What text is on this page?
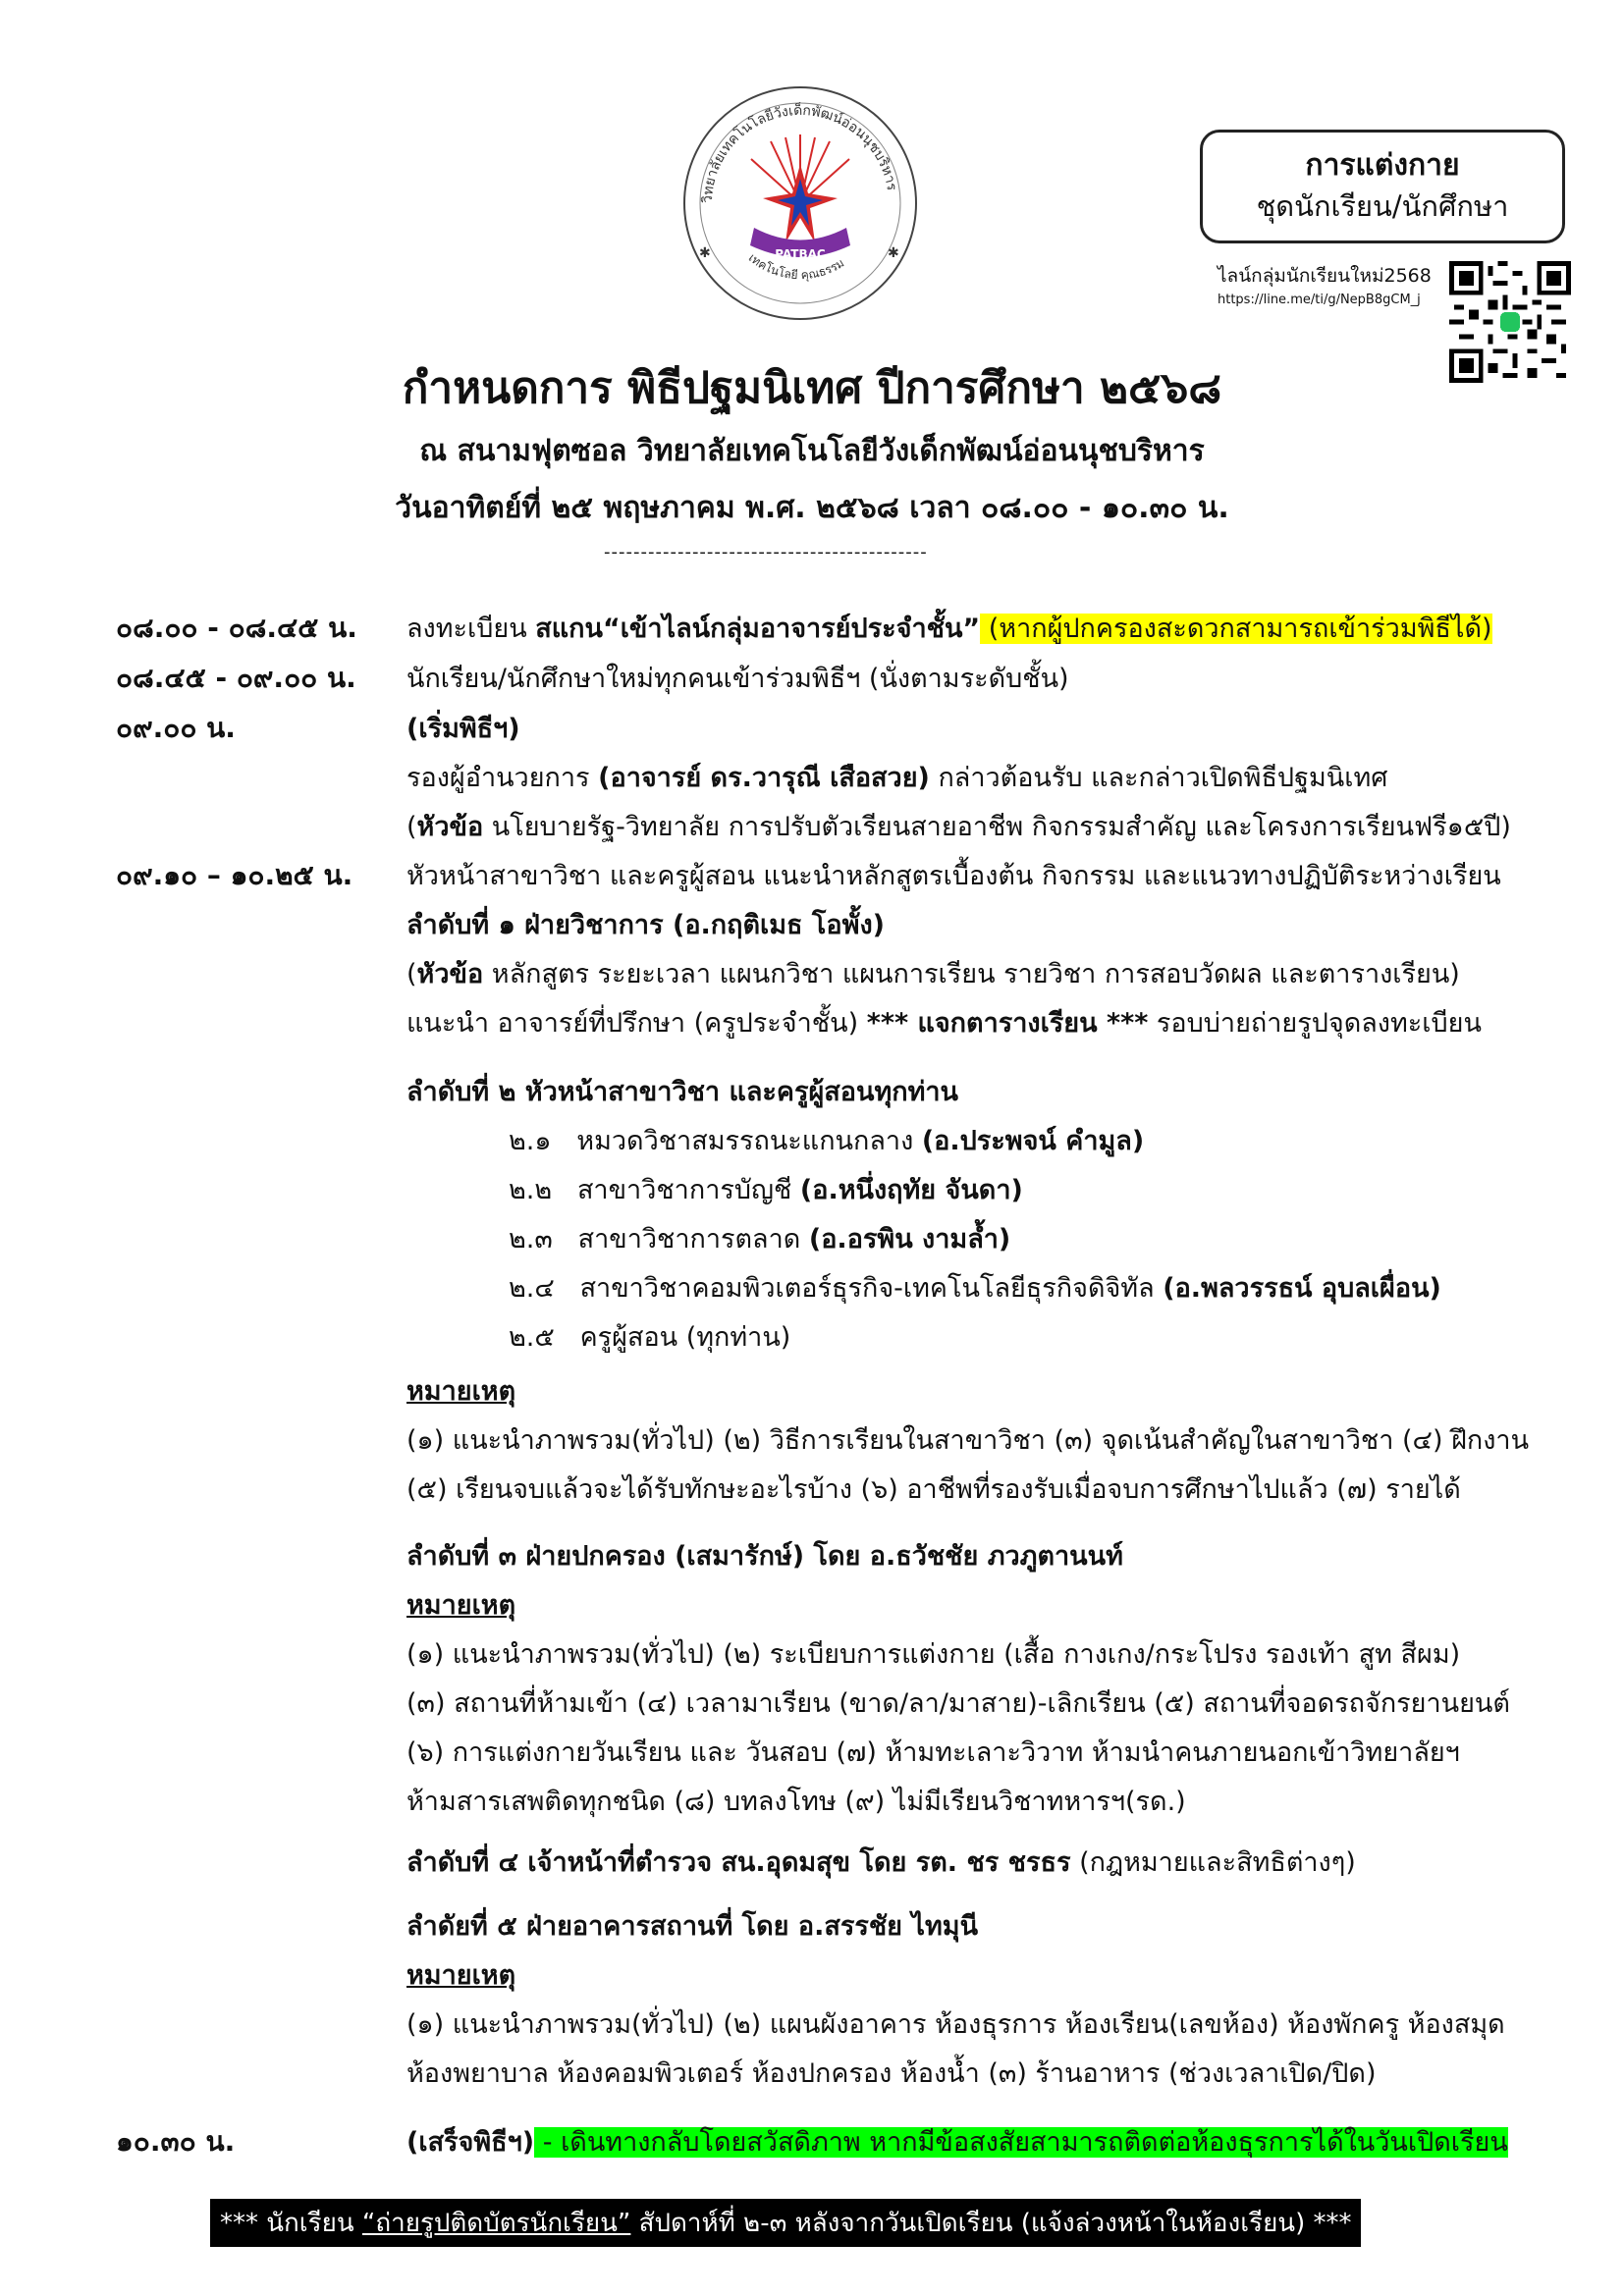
วิทยาลัยเทคโนโลยีวังเด็กพัฒน์อ่อนนุชบริหาร
เทคโนโลยี คุณธรรม
PATBAC
✱	✱
การแต่งกาย
ชุดนักเรียน/นักศึกษา
ไลน์กลุ่มนักเรียนใหม่2568
https://line.me/ti/g/NepB8gCM_j
กำหนดการ พิธีปฐมนิเทศ ปีการศึกษา ๒๕๖๘
ณ สนามฟุตซอล วิทยาลัยเทคโนโลยีวังเด็กพัฒน์อ่อนนุชบริหาร
วันอาทิตย์ที่ ๒๕ พฤษภาคม พ.ศ. ๒๕๖๘ เวลา ๐๘.๐๐ - ๑๐.๓๐ น.
--------------------------------------------
๐๘.๐๐ - ๐๘.๔๕ น. ลงทะเบียน สแกน“เข้าไลน์กลุ่มอาจารย์ประจำชั้น” (หากผู้ปกครองสะดวกสามารถเข้าร่วมพิธีได้)
๐๘.๔๕ - ๐๙.๐๐ น. นักเรียน/นักศึกษาใหม่ทุกคนเข้าร่วมพิธีฯ (นั่งตามระดับชั้น)
๐๙.๐๐ น.	(เริ่มพิธีฯ)
รองผู้อำนวยการ (อาจารย์ ดร.วารุณี เสือสวย) กล่าวต้อนรับ และกล่าวเปิดพิธีปฐมนิเทศ
(หัวข้อ นโยบายรัฐ-วิทยาลัย การปรับตัวเรียนสายอาชีพ กิจกรรมสำคัญ และโครงการเรียนฟรี๑๕ปี)
๐๙.๑๐ – ๑๐.๒๕ น. หัวหน้าสาขาวิชา และครูผู้สอน แนะนำหลักสูตรเบื้องต้น กิจกรรม และแนวทางปฏิบัติระหว่างเรียน
ลำดับที่ ๑ ฝ่ายวิชาการ (อ.กฤติเมธ โอพั้ง)
(หัวข้อ หลักสูตร ระยะเวลา แผนกวิชา แผนการเรียน รายวิชา การสอบวัดผล และตารางเรียน)
แนะนำ อาจารย์ที่ปรึกษา (ครูประจำชั้น) *** แจกตารางเรียน *** รอบบ่ายถ่ายรูปจุดลงทะเบียน
ลำดับที่ ๒ หัวหน้าสาขาวิชา และครูผู้สอนทุกท่าน
๒.๑ หมวดวิชาสมรรถนะแกนกลาง (อ.ประพจน์ คำมูล)
๒.๒ สาขาวิชาการบัญชี (อ.หนึ่งฤทัย จันดา)
๒.๓ สาขาวิชาการตลาด (อ.อรพิน งามล้ำ)
๒.๔ สาขาวิชาคอมพิวเตอร์ธุรกิจ-เทคโนโลยีธุรกิจดิจิทัล (อ.พลวรรธน์ อุบลเผื่อน)
๒.๕ ครูผู้สอน (ทุกท่าน)
หมายเหตุ
(๑) แนะนำภาพรวม(ทั่วไป) (๒) วิธีการเรียนในสาขาวิชา (๓) จุดเน้นสำคัญในสาขาวิชา (๔) ฝึกงาน
(๕) เรียนจบแล้วจะได้รับทักษะอะไรบ้าง (๖) อาชีพที่รองรับเมื่อจบการศึกษาไปแล้ว (๗) รายได้
ลำดับที่ ๓ ฝ่ายปกครอง (เสมารักษ์) โดย อ.ธวัชชัย ภวภูตานนท์
หมายเหตุ
(๑) แนะนำภาพรวม(ทั่วไป) (๒) ระเบียบการแต่งกาย (เสื้อ กางเกง/กระโปรง รองเท้า สูท สีผม)
(๓) สถานที่ห้ามเข้า (๔) เวลามาเรียน (ขาด/ลา/มาสาย)-เลิกเรียน (๕) สถานที่จอดรถจักรยานยนต์
(๖) การแต่งกายวันเรียน และ วันสอบ (๗) ห้ามทะเลาะวิวาท ห้ามนำคนภายนอกเข้าวิทยาลัยฯ
ห้ามสารเสพติดทุกชนิด (๘) บทลงโทษ (๙) ไม่มีเรียนวิชาทหารฯ(รด.)
ลำดับที่ ๔ เจ้าหน้าที่ตำรวจ สน.อุดมสุข โดย รต. ชร ชรธร (กฎหมายและสิทธิต่างๆ)
ลำดัยที่ ๕ ฝ่ายอาคารสถานที่ โดย อ.สรรชัย ไทมุนี
หมายเหตุ
(๑) แนะนำภาพรวม(ทั่วไป) (๒) แผนผังอาคาร ห้องธุรการ ห้องเรียน(เลขห้อง) ห้องพักครู ห้องสมุด
ห้องพยาบาล ห้องคอมพิวเตอร์ ห้องปกครอง ห้องน้ำ (๓) ร้านอาหาร (ช่วงเวลาเปิด/ปิด)
๑๐.๓๐ น.	(เสร็จพิธีฯ) - เดินทางกลับโดยสวัสดิภาพ หากมีข้อสงสัยสามารถติดต่อห้องธุรการได้ในวันเปิดเรียน
*** นักเรียน “ถ่ายรูปติดบัตรนักเรียน” สัปดาห์ที่ ๒-๓ หลังจากวันเปิดเรียน (แจ้งล่วงหน้าในห้องเรียน) ***
